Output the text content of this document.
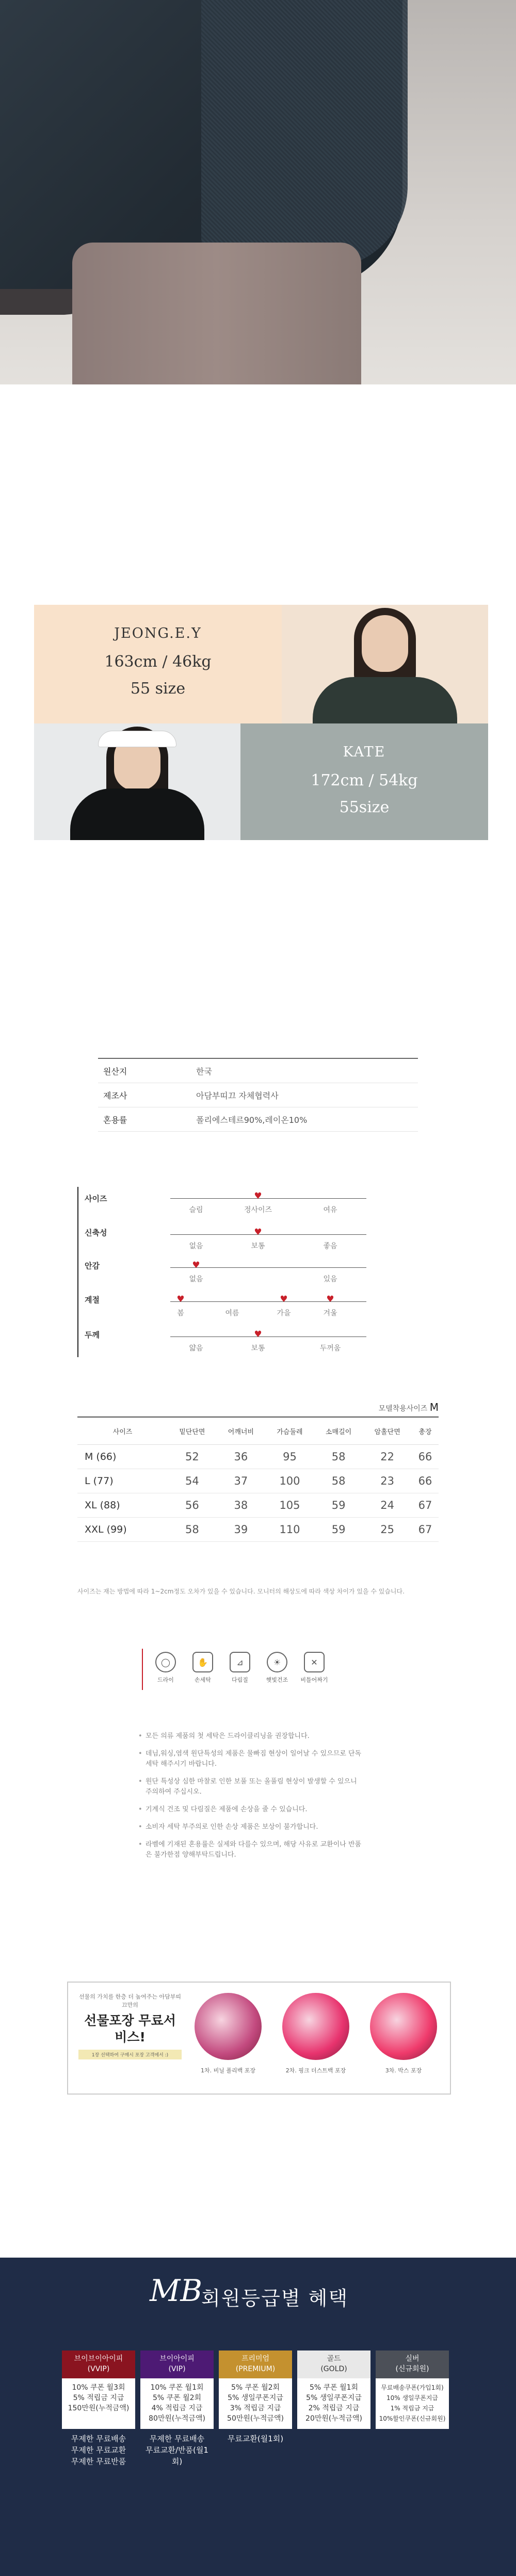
JEONG.E.Y
163cm / 46kg
55 size
KATE
172cm / 54kg
55size
원산지	한국
제조사	아담부띠끄 자체협력사
혼용률	폴리에스테르90%,레이온10%
사이즈	♥
슬림	정사이즈	여유
신축성	♥
없음	보통	좋음
안감	♥
없음	있음
계절	♥	♥	♥
봄	여름	가을	겨울
두께	♥
얇음	보통	두꺼움
모델착용사이즈 M
사이즈	밑단단면	어깨너비	가슴둘레	소매길이	암홀단면	총장
M (66)	52	36	95	58	22	66
L (77)	54	37	100	58	23	66
XL (88)	56	38	105	59	24	67
XXL (99)	58	39	110	59	25	67
사이즈는 재는 방법에 따라 1~2cm정도 오차가 있을 수 있습니다. 모니터의 해상도에 따라 색상 차이가 있을 수 있습니다.
◯
드라이
✋
손세탁
⊿
다림질
☀
햇빛건조
✕
비틀어짜기

• 모든 의류 제품의 첫 세탁은 드라이클리닝을 권장합니다.

• 데님,워싱,염색 원단특성의 제품은 물빠짐 현상이 일어날 수 있으므로 단독 세탁 해주시기 바랍니다.

• 원단 특성상 심한 마찰로 인한 보풀 또는 올풀림 현상이 발생할 수 있으니 주의하여 주십시오.

• 기계식 건조 및 다림질은 제품에 손상을 줄 수 있습니다.

• 소비자 세탁 부주의로 인한 손상 제품은 보상이 불가합니다.

• 라벨에 기재된 혼용률은 실제와 다를수 있으며, 해당 사유로 교환이나 반품은 불가한점 양해부탁드립니다.

선물의 가치를 한층 더 높여주는 아담부띠끄만의
선물포장 무료서비스!
1장 선택하여 구매시 포장 고객에서 :)
1차. 비닐 폴리백 포장	2차. 핑크 더스트백 포장	3차. 박스 포장
MB
회원등급별 혜택
브이브이아이피
(VVIP)
10% 쿠폰 월3회
5% 적립금 지급
150만원(누적금액)
무제한 무료배송
무제한 무료교환
무제한 무료반품
브이아이피
(VIP)
10% 쿠폰 월1회
5% 쿠폰 월2회
4% 적립금 지급
80만원(누적금액)
무제한 무료배송
무료교환/반품(월1회)
프리미엄
(PREMIUM)
5% 쿠폰 월2회
5% 생일쿠폰지급
3% 적립금 지급
50만원(누적금액)
무료교환(월1회)
골드
(GOLD)
5% 쿠폰 월1회
5% 생일쿠폰지급
2% 적립금 지급
20만원(누적금액)
실버
(신규회원)
무료배송쿠폰(가입1회)
10% 생일쿠폰지급
1% 적립금 지급
10%할인쿠폰(신규회원)
